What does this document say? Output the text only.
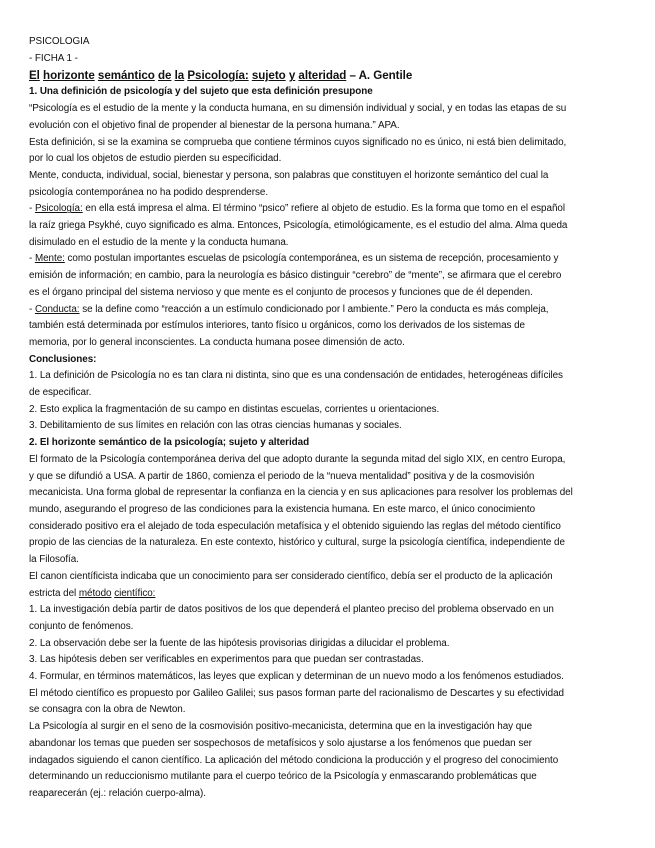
PSICOLOGIA
- FICHA 1 -
El horizonte semántico de la Psicología: sujeto y alteridad – A. Gentile
1. Una definición de psicología y del sujeto que esta definición presupone
“Psicología es el estudio de la mente y la conducta humana, en su dimensión individual y social, y en todas las etapas de su
evolución con el objetivo final de propender al bienestar de la persona humana.” APA.
Esta definición, si se la examina se comprueba que contiene términos cuyos significado no es único, ni está bien delimitado,
por lo cual los objetos de estudio pierden su especificidad.
Mente, conducta, individual, social, bienestar y persona, son palabras que constituyen el horizonte semántico del cual la
psicología contemporánea no ha podido desprenderse.
- Psicología: en ella está impresa el alma. El término “psico” refiere al objeto de estudio. Es la forma que tomo en el español
la raíz griega Psykhé, cuyo significado es alma. Entonces, Psicología, etimológicamente, es el estudio del alma. Alma queda
disimulado en el estudio de la mente y la conducta humana.
- Mente: como postulan importantes escuelas de psicología contemporánea, es un sistema de recepción, procesamiento y
emisión de información; en cambio, para la neurología es básico distinguir “cerebro” de “mente”, se afirmara que el cerebro
es el órgano principal del sistema nervioso y que mente es el conjunto de procesos y funciones que de él dependen.
- Conducta: se la define como “reacción a un estímulo condicionado por l ambiente.” Pero la conducta es más compleja,
también está determinada por estímulos interiores, tanto físico u orgánicos, como los derivados de los sistemas de
memoria, por lo general inconscientes. La conducta humana posee dimensión de acto.
Conclusiones:
1. La definición de Psicología no es tan clara ni distinta, sino que es una condensación de entidades, heterogéneas difíciles
de especificar.
2. Esto explica la fragmentación de su campo en distintas escuelas, corrientes u orientaciones.
3. Debilitamiento de sus límites en relación con las otras ciencias humanas y sociales.
2. El horizonte semántico de la psicología; sujeto y alteridad
El formato de la Psicología contemporánea deriva del que adopto durante la segunda mitad del siglo XIX, en centro Europa,
y que se difundió a USA. A partir de 1860, comienza el periodo de la “nueva mentalidad” positiva y de la cosmovisión
mecanicista. Una forma global de representar la confianza en la ciencia y en sus aplicaciones para resolver los problemas del
mundo, asegurando el progreso de las condiciones para la existencia humana. En este marco, el único conocimiento
considerado positivo era el alejado de toda especulación metafísica y el obtenido siguiendo las reglas del método científico
propio de las ciencias de la naturaleza. En este contexto, histórico y cultural, surge la psicología científica, independiente de
la Filosofía.
El canon científicista indicaba que un conocimiento para ser considerado científico, debía ser el producto de la aplicación
estricta del método científico:
1. La investigación debía partir de datos positivos de los que dependerá el planteo preciso del problema observado en un
conjunto de fenómenos.
2. La observación debe ser la fuente de las hipótesis provisorias dirigidas a dilucidar el problema.
3. Las hipótesis deben ser verificables en experimentos para que puedan ser contrastadas.
4. Formular, en términos matemáticos, las leyes que explican y determinan de un nuevo modo a los fenómenos estudiados.
El método científico es propuesto por Galileo Galilei; sus pasos forman parte del racionalismo de Descartes y su efectividad
se consagra con la obra de Newton.
La Psicología al surgir en el seno de la cosmovisión positivo-mecanicista, determina que en la investigación hay que
abandonar los temas que pueden ser sospechosos de metafísicos y solo ajustarse a los fenómenos que puedan ser
indagados siguiendo el canon científico. La aplicación del método condiciona la producción y el progreso del conocimiento
determinando un reduccionismo mutilante para el cuerpo teórico de la Psicología y enmascarando problemáticas que
reaparecerán (ej.: relación cuerpo-alma).
